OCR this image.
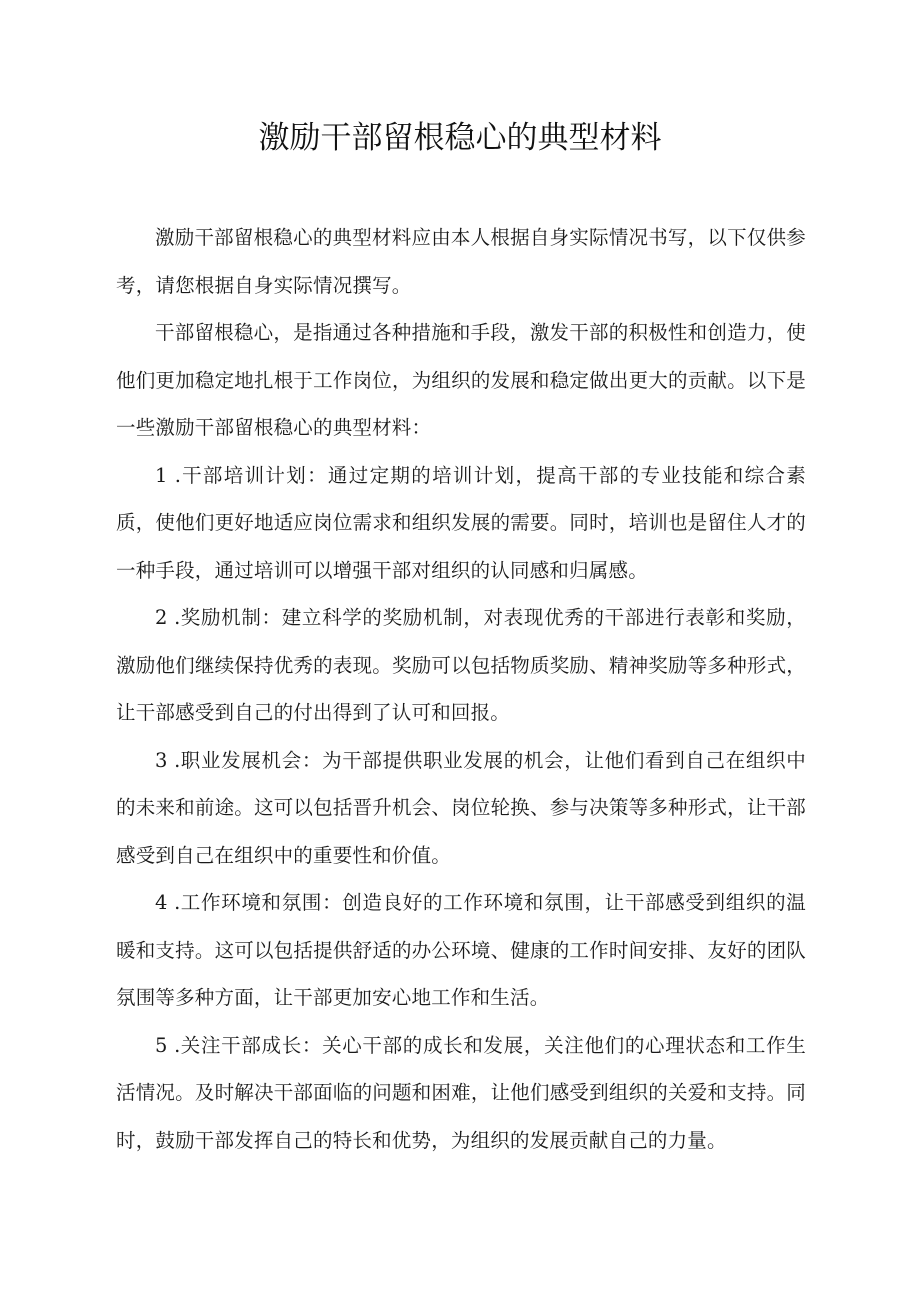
激励干部留根稳心的典型材料

激励干部留根稳心的典型材料应由本人根据自身实际情况书写，以下仅供参考，请您根据自身实际情况撰写。

干部留根稳心，是指通过各种措施和手段，激发干部的积极性和创造力，使他们更加稳定地扎根于工作岗位，为组织的发展和稳定做出更大的贡献。以下是一些激励干部留根稳心的典型材料：

1 .干部培训计划：通过定期的培训计划，提高干部的专业技能和综合素质，使他们更好地适应岗位需求和组织发展的需要。同时，培训也是留住人才的一种手段，通过培训可以增强干部对组织的认同感和归属感。

2 .奖励机制：建立科学的奖励机制，对表现优秀的干部进行表彰和奖励，激励他们继续保持优秀的表现。奖励可以包括物质奖励、精神奖励等多种形式，让干部感受到自己的付出得到了认可和回报。

3 .职业发展机会：为干部提供职业发展的机会，让他们看到自己在组织中的未来和前途。这可以包括晋升机会、岗位轮换、参与决策等多种形式，让干部感受到自己在组织中的重要性和价值。

4 .工作环境和氛围：创造良好的工作环境和氛围，让干部感受到组织的温暖和支持。这可以包括提供舒适的办公环境、健康的工作时间安排、友好的团队氛围等多种方面，让干部更加安心地工作和生活。

5 .关注干部成长：关心干部的成长和发展，关注他们的心理状态和工作生活情况。及时解决干部面临的问题和困难，让他们感受到组织的关爱和支持。同时，鼓励干部发挥自己的特长和优势，为组织的发展贡献自己的力量。
